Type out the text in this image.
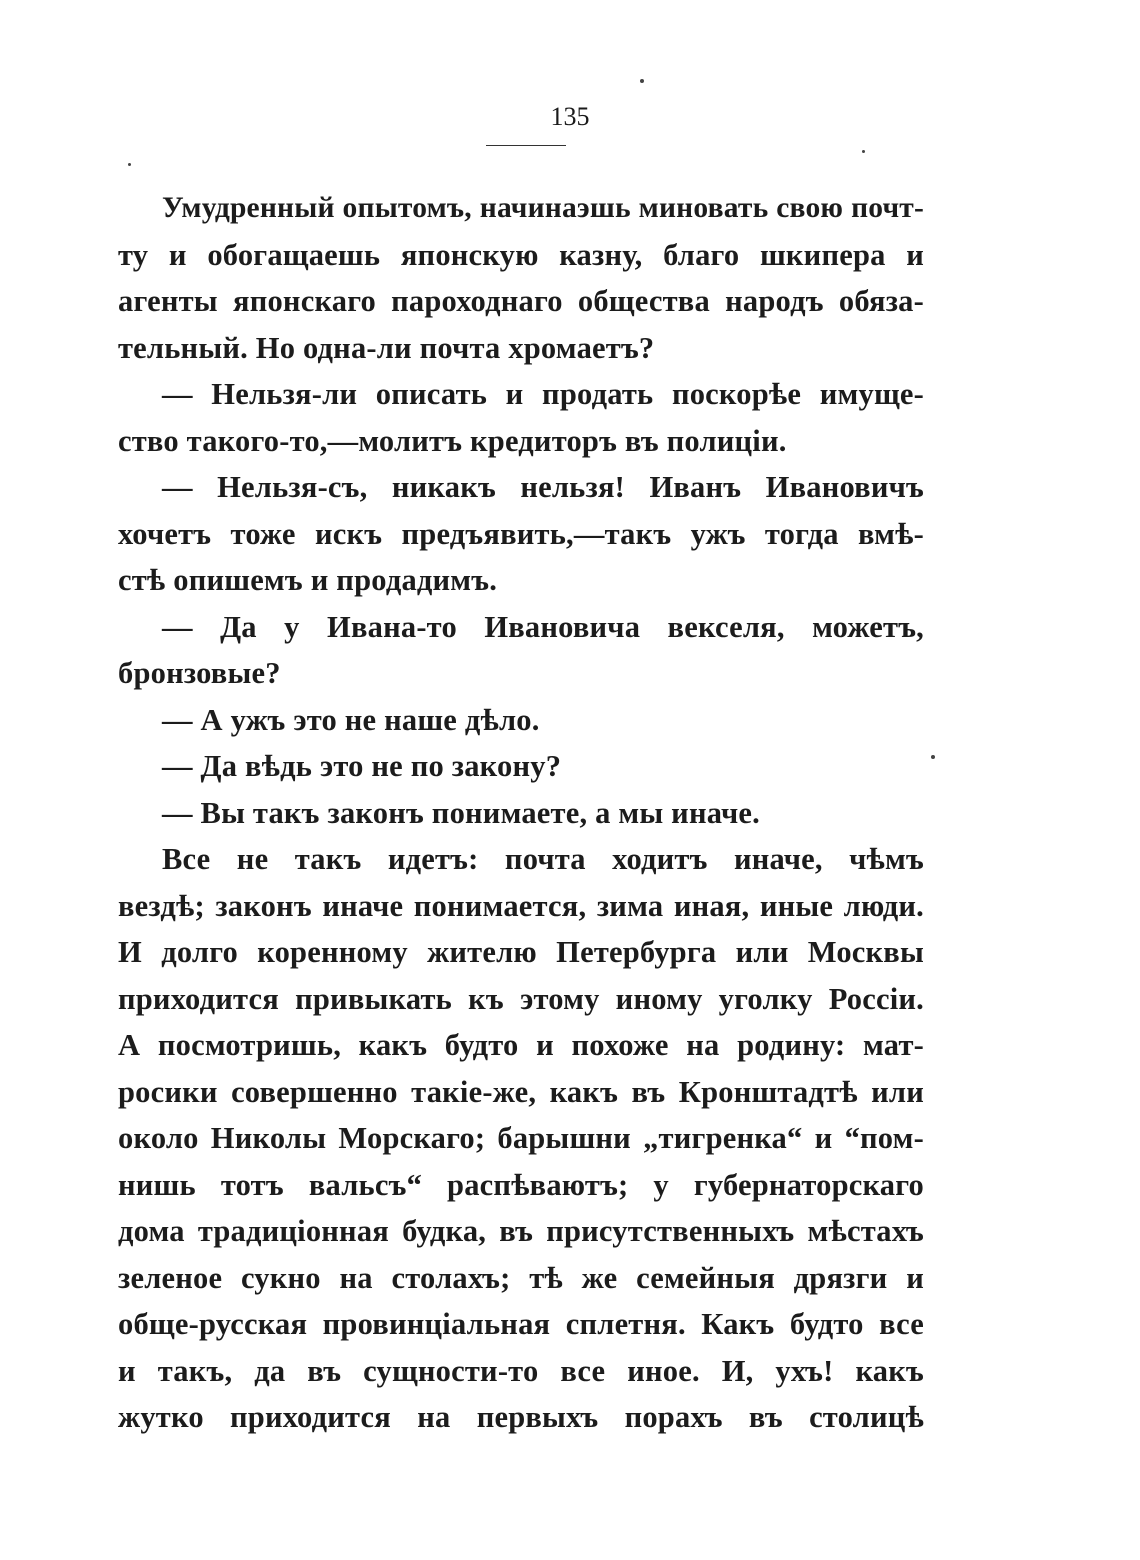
135
Умудренный опытомъ, начинаэшь миновать свою почт-
ту и обогащаешь японскую казну, благо шкипера и
агенты японскаго пароходнаго общества народъ обяза-
тельный. Но одна-ли почта хромаетъ?
— Нельзя-ли описать и продать поскорѣе имуще-
ство такого-то,—молитъ кредиторъ въ полиціи.
— Нельзя-съ, никакъ нельзя! Иванъ Ивановичъ
хочетъ тоже искъ предъявить,—такъ ужъ тогда вмѣ-
стѣ опишемъ и продадимъ.
— Да у Ивана-то Ивановича векселя, можетъ,
бронзовые?
— А ужъ это не наше дѣло.
— Да вѣдь это не по закону?
— Вы такъ законъ понимаете, а мы иначе.
Все не такъ идетъ: почта ходитъ иначе, чѣмъ
вездѣ; законъ иначе понимается, зима иная, иные люди.
И долго коренному жителю Петербурга или Москвы
приходится привыкать къ этому иному уголку Россіи.
А посмотришь, какъ будто и похоже на родину: мат-
росики совершенно такіе-же, какъ въ Кронштадтѣ или
около Николы Морскаго; барышни „тигренка“ и “пом-
нишь тотъ вальсъ“ распѣваютъ; у губернаторскаго
дома традиціонная будка, въ присутственныхъ мѣстахъ
зеленое сукно на столахъ; тѣ же семейныя дрязги и
обще-русская провинціальная сплетня. Какъ будто все
и такъ, да въ сущности-то все иное. И, ухъ! какъ
жутко приходится на первыхъ порахъ въ столицѣ
